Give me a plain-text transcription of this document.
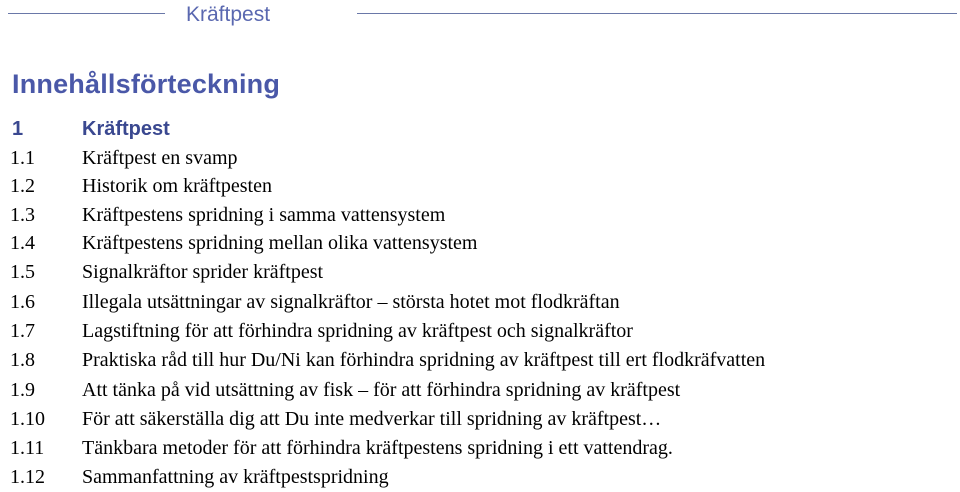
Kräftpest
Innehållsförteckning
1	Kräftpest
1.1 Kräftpest en svamp
1.2 Historik om kräftpesten
1.3 Kräftpestens spridning i samma vattensystem
1.4 Kräftpestens spridning mellan olika vattensystem
1.5 Signalkräftor sprider kräftpest
1.6 Illegala utsättningar av signalkräftor – största hotet mot flodkräftan
1.7 Lagstiftning för att förhindra spridning av kräftpest och signalkräftor
1.8 Praktiska råd till hur Du/Ni kan förhindra spridning av kräftpest till ert flodkräfvatten
1.9 Att tänka på vid utsättning av fisk – för att förhindra spridning av kräftpest
1.10 För att säkerställa dig att Du inte medverkar till spridning av kräftpest…
1.11 Tänkbara metoder för att förhindra kräftpestens spridning i ett vattendrag.
1.12 Sammanfattning av kräftpestspridning
